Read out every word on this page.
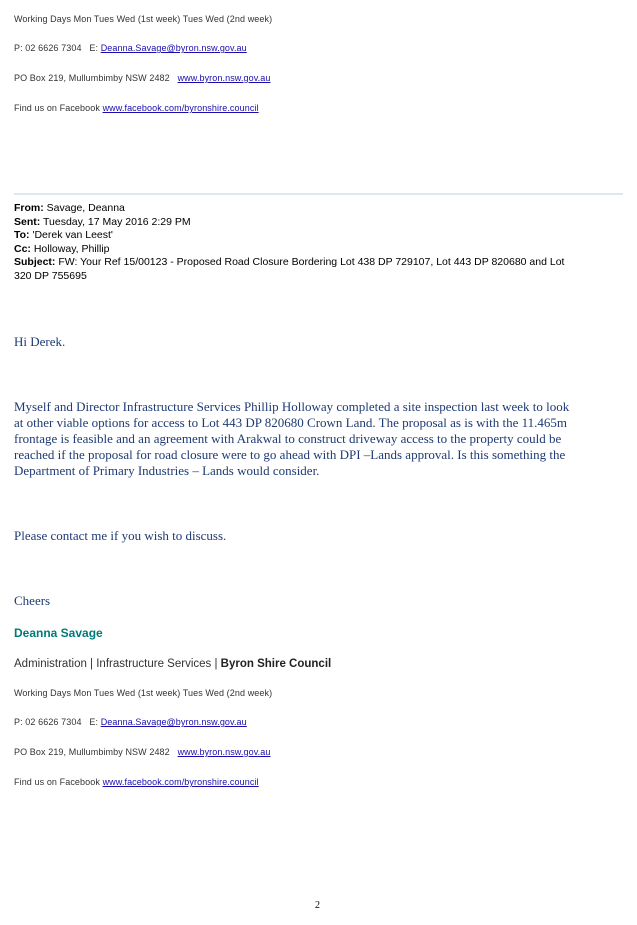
Working Days Mon Tues Wed (1st week) Tues Wed (2nd week)
P: 02 6626 7304 E: Deanna.Savage@byron.nsw.gov.au
PO Box 219, Mullumbimby NSW 2482 www.byron.nsw.gov.au
Find us on Facebook www.facebook.com/byronshire.council
From: Savage, Deanna
Sent: Tuesday, 17 May 2016 2:29 PM
To: 'Derek van Leest'
Cc: Holloway, Phillip
Subject: FW: Your Ref 15/00123 - Proposed Road Closure Bordering Lot 438 DP 729107, Lot 443 DP 820680 and Lot
320 DP 755695
Hi Derek.
Myself and Director Infrastructure Services Phillip Holloway completed a site inspection last week to look
at other viable options for access to Lot 443 DP 820680 Crown Land. The proposal as is with the 11.465m
frontage is feasible and an agreement with Arakwal to construct driveway access to the property could be
reached if the proposal for road closure were to go ahead with DPI –Lands approval. Is this something the
Department of Primary Industries – Lands would consider.
Please contact me if you wish to discuss.
Cheers
Deanna Savage
Administration | Infrastructure Services | Byron Shire Council
Working Days Mon Tues Wed (1st week) Tues Wed (2nd week)
P: 02 6626 7304 E: Deanna.Savage@byron.nsw.gov.au
PO Box 219, Mullumbimby NSW 2482 www.byron.nsw.gov.au
Find us on Facebook www.facebook.com/byronshire.council
2
